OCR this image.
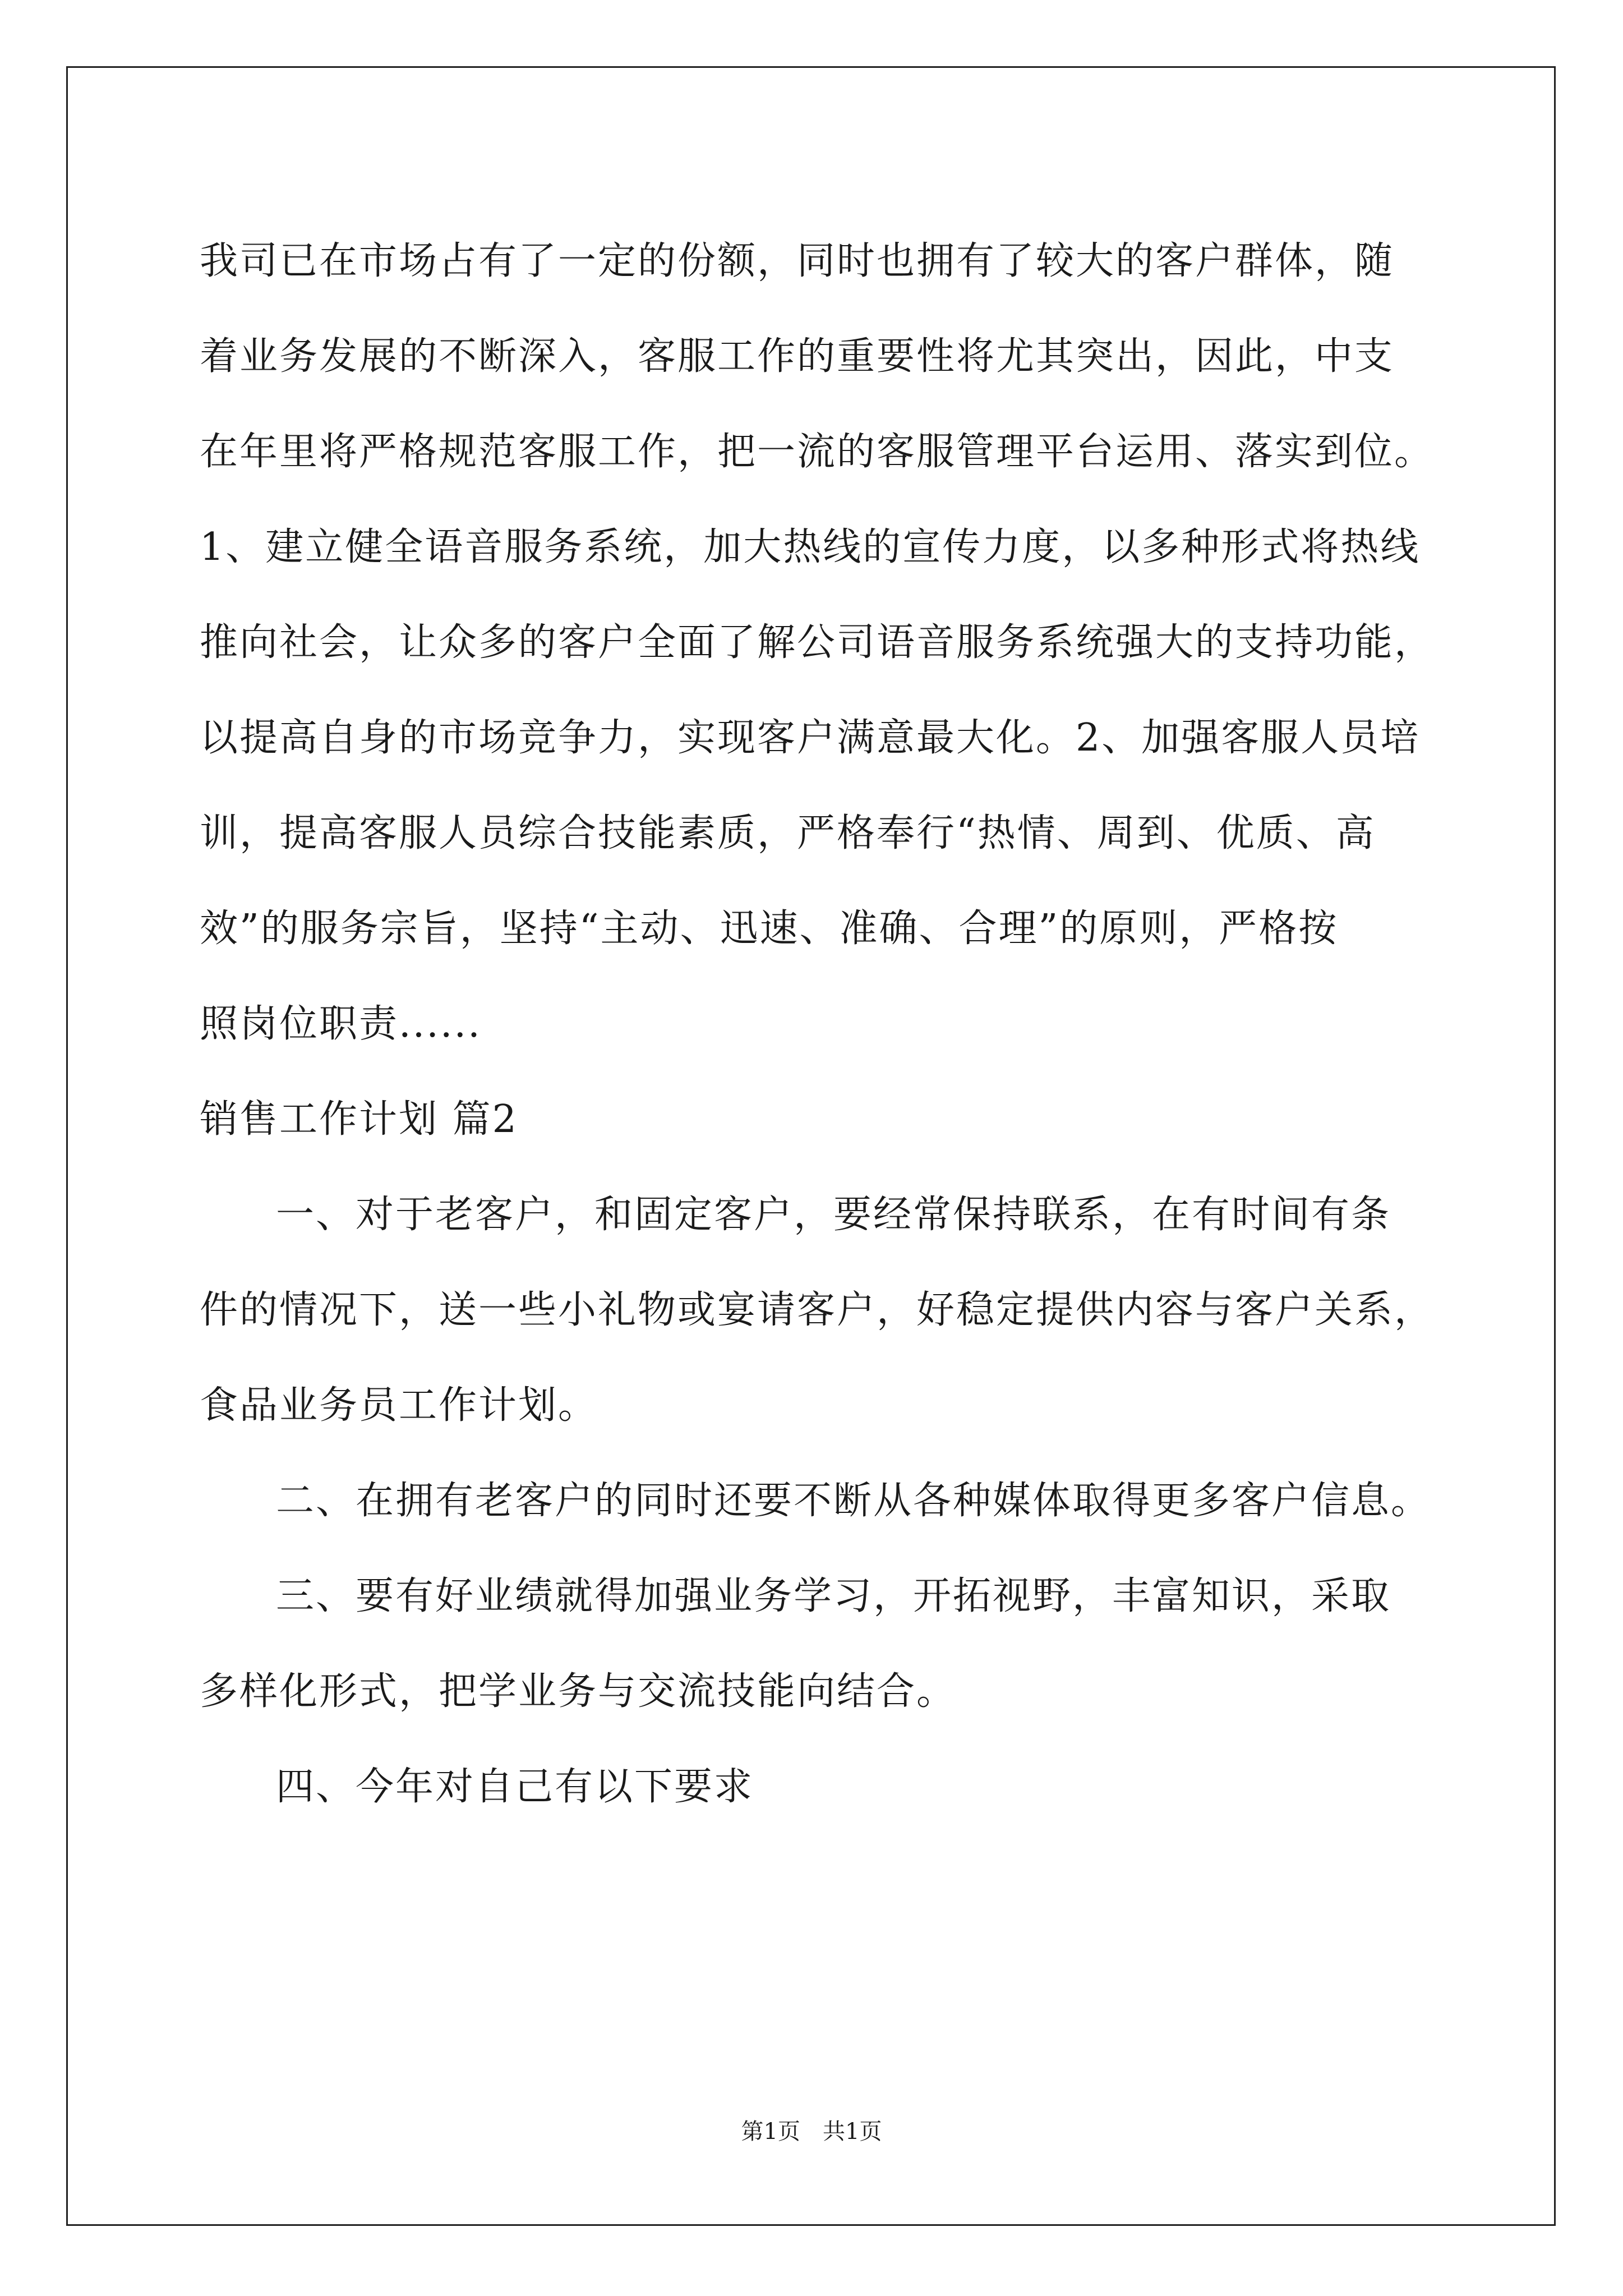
我司已在市场占有了一定的份额，同时也拥有了较大的客户群体，随
着业务发展的不断深入，客服工作的重要性将尤其突出，因此，中支
在年里将严格规范客服工作，把一流的客服管理平台运用、落实到位。
1、建立健全语音服务系统，加大热线的宣传力度，以多种形式将热线
推向社会，让众多的客户全面了解公司语音服务系统强大的支持功能，
以提高自身的市场竞争力，实现客户满意最大化。2、加强客服人员培
训，提高客服人员综合技能素质，严格奉行“热情、周到、优质、高
效”的服务宗旨，坚持“主动、迅速、准确、合理”的原则，严格按
照岗位职责......
销售工作计划 篇2
一、对于老客户，和固定客户，要经常保持联系，在有时间有条
件的情况下，送一些小礼物或宴请客户，好稳定提供内容与客户关系，
食品业务员工作计划。
二、在拥有老客户的同时还要不断从各种媒体取得更多客户信息。
三、要有好业绩就得加强业务学习，开拓视野，丰富知识，采取
多样化形式，把学业务与交流技能向结合。
四、今年对自己有以下要求
第1页　共1页
